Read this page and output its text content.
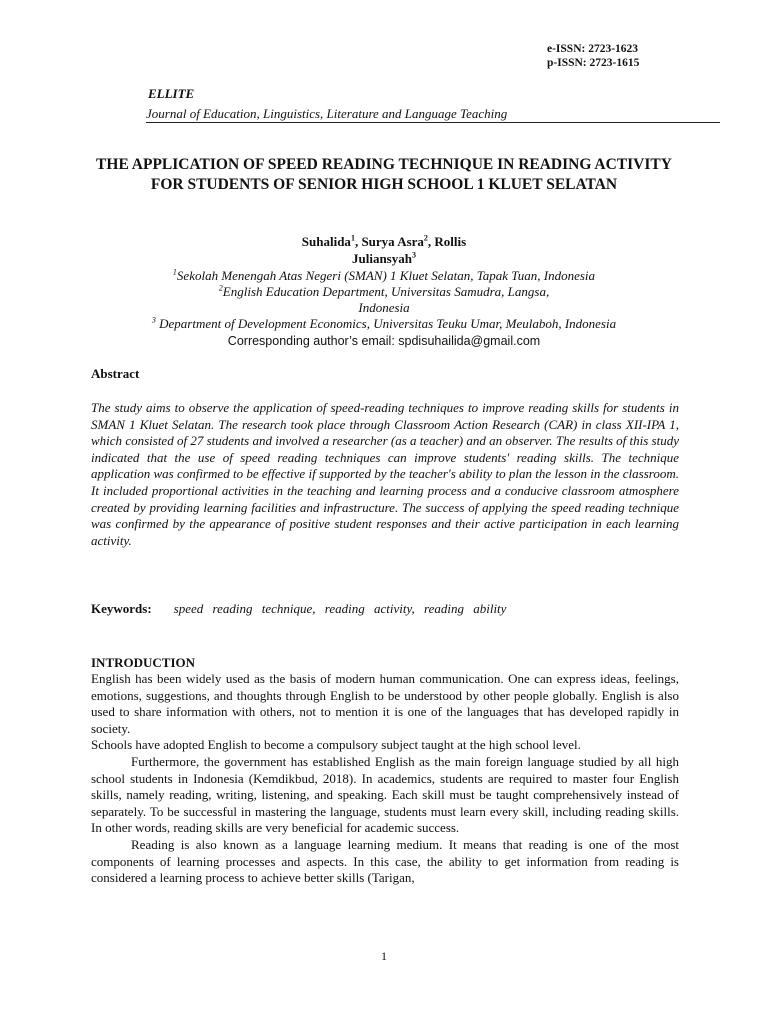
e-ISSN: 2723-1623
p-ISSN: 2723-1615
ELLITE
Journal of Education, Linguistics, Literature and Language Teaching
THE APPLICATION OF SPEED READING TECHNIQUE IN READING ACTIVITY FOR STUDENTS OF SENIOR HIGH SCHOOL 1 KLUET SELATAN
Suhalida$^1$, Surya Asra$^2$, Rollis
Juliansyah$^3$
$^1$Sekolah Menengah Atas Negeri (SMAN) 1 Kluet Selatan, Tapak Tuan, Indonesia
$^2$English Education Department, Universitas Samudra, Langsa,
Indonesia
$^3$ Department of Development Economics, Universitas Teuku Umar, Meulaboh, Indonesia
Corresponding author’s email: spdisuhailida@gmail.com
Abstract
The study aims to observe the application of speed-reading techniques to improve reading skills for students in SMAN 1 Kluet Selatan. The research took place through Classroom Action Research (CAR) in class XII-IPA 1, which consisted of 27 students and involved a researcher (as a teacher) and an observer. The results of this study indicated that the use of speed reading techniques can improve students' reading skills. The technique application was confirmed to be effective if supported by the teacher's ability to plan the lesson in the classroom. It included proportional activities in the teaching and learning process and a conducive classroom atmosphere created by providing learning facilities and infrastructure. The success of applying the speed reading technique was confirmed by the appearance of positive student responses and their active participation in each learning activity.
Keywords: speed reading technique, reading activity, reading ability
INTRODUCTION

English has been widely used as the basis of modern human communication. One can express ideas, feelings, emotions, suggestions, and thoughts through English to be understood by other people globally. English is also used to share information with others, not to mention it is one of the languages that has developed rapidly in society.

Schools have adopted English to become a compulsory subject taught at the high school level.

Furthermore, the government has established English as the main foreign language studied by all high school students in Indonesia (Kemdikbud, 2018). In academics, students are required to master four English skills, namely reading, writing, listening, and speaking. Each skill must be taught comprehensively instead of separately. To be successful in mastering the language, students must learn every skill, including reading skills. In other words, reading skills are very beneficial for academic success.

Reading is also known as a language learning medium. It means that reading is one of the most components of learning processes and aspects. In this case, the ability to get information from reading is considered a learning process to achieve better skills (Tarigan,

1
